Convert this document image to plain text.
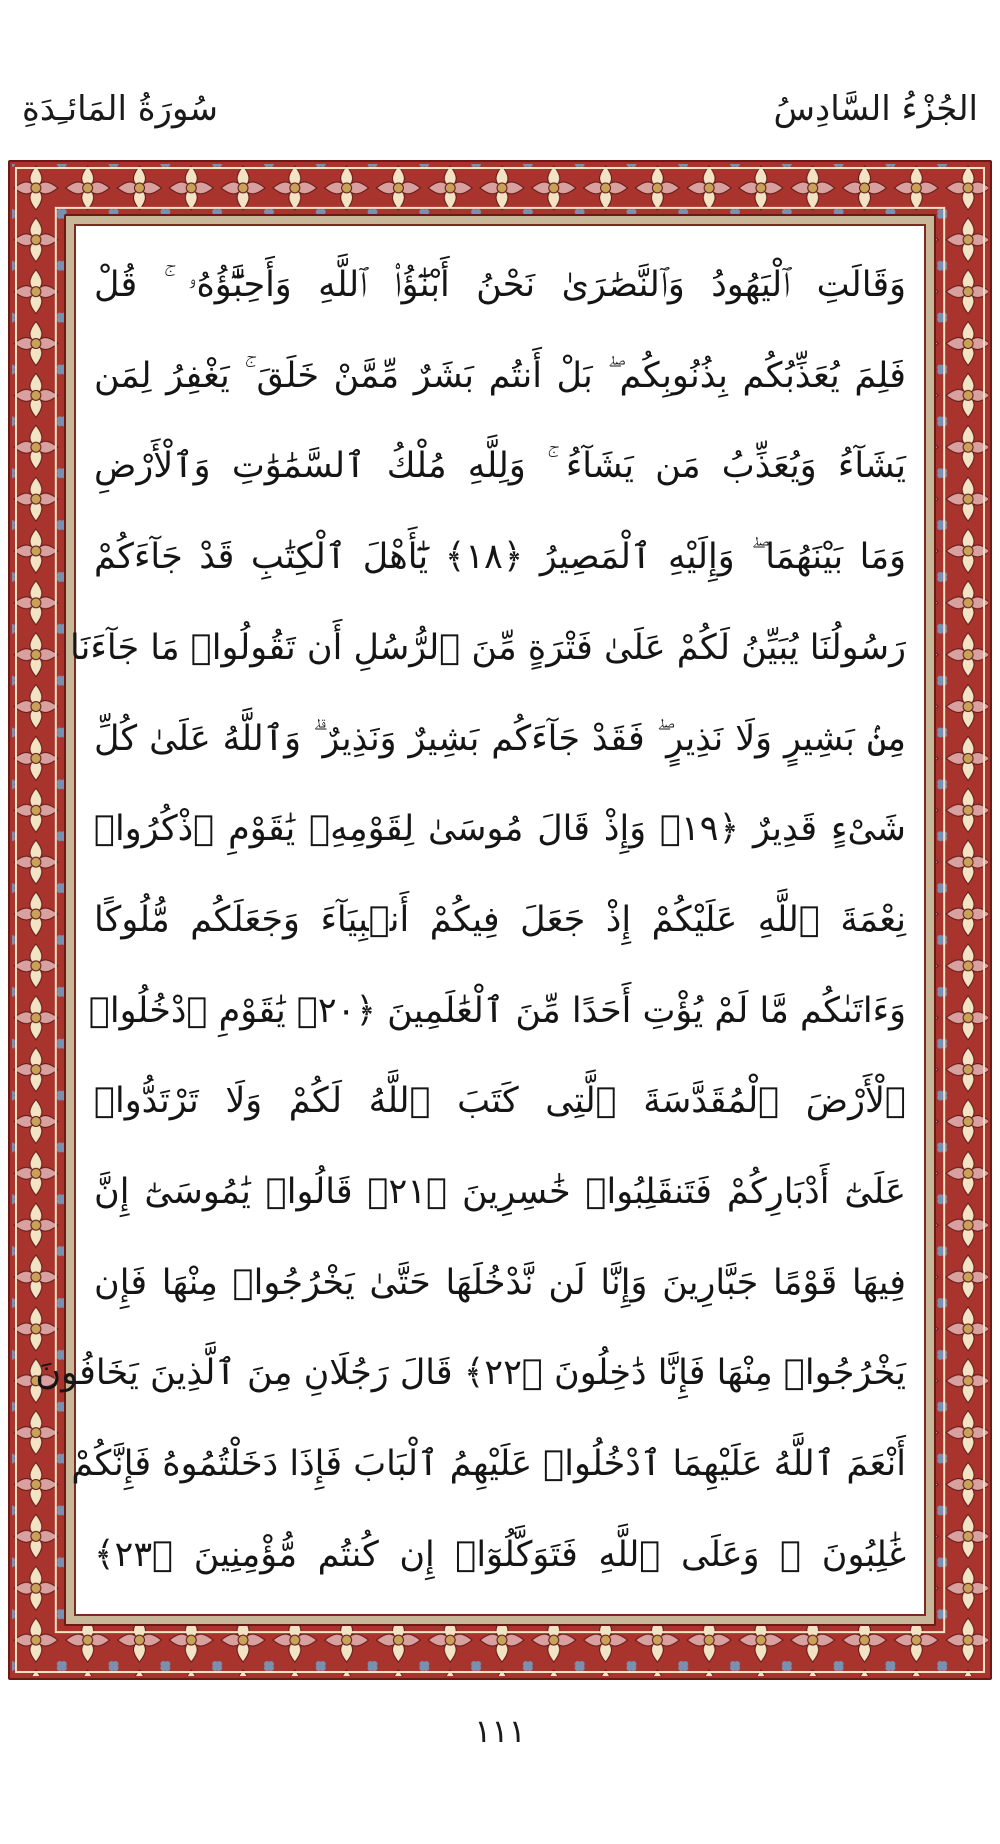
سُورَةُ المَائـِدَةِ	الجُزْءُ السَّادِسُ
وَقَالَتِ ٱلْيَهُودُ وَٱلنَّصَٰرَىٰ نَحْنُ أَبْنَٰٓؤُا۟ ٱللَّهِ وَأَحِبَّٰٓؤُهُۥ ۚ قُلْ
فَلِمَ يُعَذِّبُكُم بِذُنُوبِكُم ۖ بَلْ أَنتُم بَشَرٌ مِّمَّنْ خَلَقَ ۚ يَغْفِرُ لِمَن
يَشَآءُ وَيُعَذِّبُ مَن يَشَآءُ ۚ وَلِلَّهِ مُلْكُ ٱلسَّمَٰوَٰتِ وَٱلْأَرْضِ
وَمَا بَيْنَهُمَا ۖ وَإِلَيْهِ ٱلْمَصِيرُ ﴿١٨﴾ يَٰٓأَهْلَ ٱلْكِتَٰبِ قَدْ جَآءَكُمْ
رَسُولُنَا يُبَيِّنُ لَكُمْ عَلَىٰ فَتْرَةٍ مِّنَ ٱلرُّسُلِ أَن تَقُولُوا۟ مَا جَآءَنَا
مِنۢ بَشِيرٍ وَلَا نَذِيرٍ ۖ فَقَدْ جَآءَكُم بَشِيرٌ وَنَذِيرٌ ۗ وَٱللَّهُ عَلَىٰ كُلِّ
شَىْءٍ قَدِيرٌ ﴿١٩﴾ وَإِذْ قَالَ مُوسَىٰ لِقَوْمِهِۦ يَٰقَوْمِ ٱذْكُرُوا۟
نِعْمَةَ ٱللَّهِ عَلَيْكُمْ إِذْ جَعَلَ فِيكُمْ أَنۢبِيَآءَ وَجَعَلَكُم مُّلُوكًا
وَءَاتَىٰكُم مَّا لَمْ يُؤْتِ أَحَدًا مِّنَ ٱلْعَٰلَمِينَ ﴿٢٠﴾ يَٰقَوْمِ ٱدْخُلُوا۟
ٱلْأَرْضَ ٱلْمُقَدَّسَةَ ٱلَّتِى كَتَبَ ٱللَّهُ لَكُمْ وَلَا تَرْتَدُّوا۟
عَلَىٰٓ أَدْبَارِكُمْ فَتَنقَلِبُوا۟ خَٰسِرِينَ ﴿٢١﴾ قَالُوا۟ يَٰمُوسَىٰٓ إِنَّ
فِيهَا قَوْمًا جَبَّارِينَ وَإِنَّا لَن نَّدْخُلَهَا حَتَّىٰ يَخْرُجُوا۟ مِنْهَا فَإِن
يَخْرُجُوا۟ مِنْهَا فَإِنَّا دَٰخِلُونَ ﴿٢٢﴾ قَالَ رَجُلَانِ مِنَ ٱلَّذِينَ يَخَافُونَ
أَنْعَمَ ٱللَّهُ عَلَيْهِمَا ٱدْخُلُوا۟ عَلَيْهِمُ ٱلْبَابَ فَإِذَا دَخَلْتُمُوهُ فَإِنَّكُمْ
غَٰلِبُونَ ۚ وَعَلَى ٱللَّهِ فَتَوَكَّلُوٓا۟ إِن كُنتُم مُّؤْمِنِينَ ﴿٢٣﴾
١١١
